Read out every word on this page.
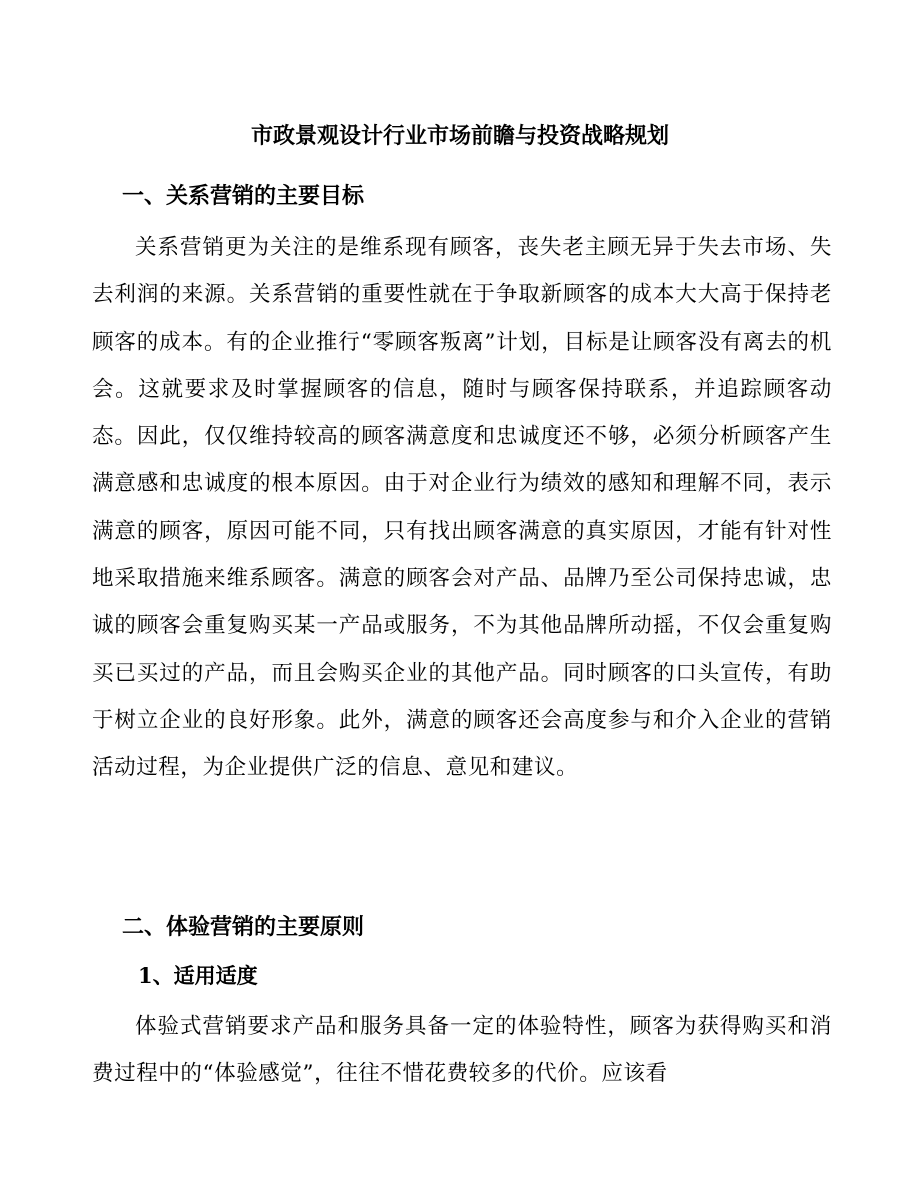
市政景观设计行业市场前瞻与投资战略规划
一、关系营销的主要目标

关系营销更为关注的是维系现有顾客，丧失老主顾无异于失去市场、失去利润的来源。关系营销的重要性就在于争取新顾客的成本大大高于保持老顾客的成本。有的企业推行“零顾客叛离”计划，目标是让顾客没有离去的机会。这就要求及时掌握顾客的信息，随时与顾客保持联系，并追踪顾客动态。因此，仅仅维持较高的顾客满意度和忠诚度还不够，必须分析顾客产生满意感和忠诚度的根本原因。由于对企业行为绩效的感知和理解不同，表示满意的顾客，原因可能不同，只有找出顾客满意的真实原因，才能有针对性地采取措施来维系顾客。满意的顾客会对产品、品牌乃至公司保持忠诚，忠诚的顾客会重复购买某一产品或服务，不为其他品牌所动摇，不仅会重复购买已买过的产品，而且会购买企业的其他产品。同时顾客的口头宣传，有助于树立企业的良好形象。此外，满意的顾客还会高度参与和介入企业的营销活动过程，为企业提供广泛的信息、意见和建议。

二、体验营销的主要原则
1、适用适度

体验式营销要求产品和服务具备一定的体验特性，顾客为获得购买和消费过程中的“体验感觉”，往往不惜花费较多的代价。应该看
